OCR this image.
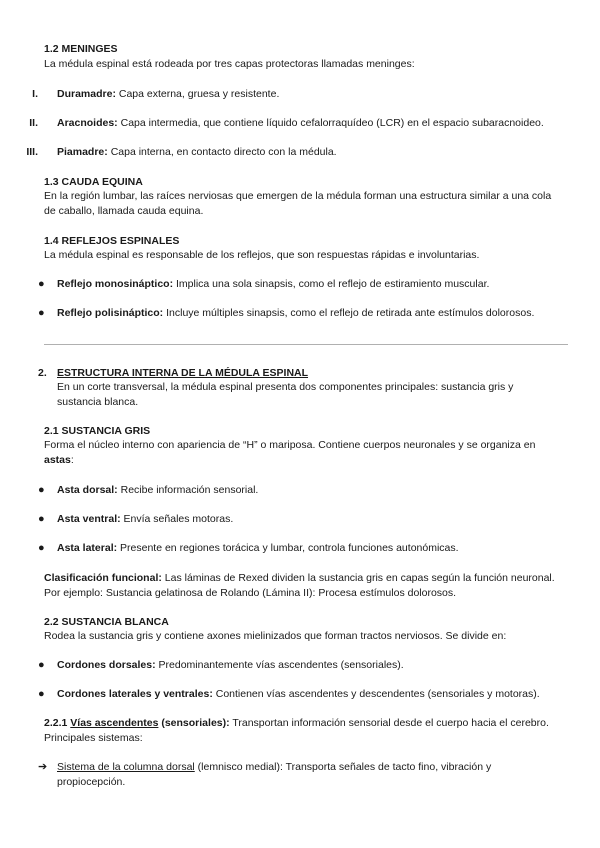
1.2 MENINGES
La médula espinal está rodeada por tres capas protectoras llamadas meninges:
I. Duramadre: Capa externa, gruesa y resistente.
II. Aracnoides: Capa intermedia, que contiene líquido cefalorraquídeo (LCR) en el espacio subaracnoideo.
III. Piamadre: Capa interna, en contacto directo con la médula.
1.3 CAUDA EQUINA
En la región lumbar, las raíces nerviosas que emergen de la médula forman una estructura similar a una cola de caballo, llamada cauda equina.
1.4 REFLEJOS ESPINALES
La médula espinal es responsable de los reflejos, que son respuestas rápidas e involuntarias.
● Reflejo monosináptico: Implica una sola sinapsis, como el reflejo de estiramiento muscular.
● Reflejo polisináptico: Incluye múltiples sinapsis, como el reflejo de retirada ante estímulos dolorosos.
2. ESTRUCTURA INTERNA DE LA MÉDULA ESPINAL
En un corte transversal, la médula espinal presenta dos componentes principales: sustancia gris y sustancia blanca.
2.1 SUSTANCIA GRIS
Forma el núcleo interno con apariencia de “H” o mariposa. Contiene cuerpos neuronales y se organiza en astas:
● Asta dorsal: Recibe información sensorial.
● Asta ventral: Envía señales motoras.
● Asta lateral: Presente en regiones torácica y lumbar, controla funciones autonómicas.
Clasificación funcional: Las láminas de Rexed dividen la sustancia gris en capas según la función neuronal. Por ejemplo: Sustancia gelatinosa de Rolando (Lámina II): Procesa estímulos dolorosos.
2.2 SUSTANCIA BLANCA
Rodea la sustancia gris y contiene axones mielinizados que forman tractos nerviosos. Se divide en:
● Cordones dorsales: Predominantemente vías ascendentes (sensoriales).
● Cordones laterales y ventrales: Contienen vías ascendentes y descendentes (sensoriales y motoras).
2.2.1 Vías ascendentes (sensoriales): Transportan información sensorial desde el cuerpo hacia el cerebro. Principales sistemas:
➔ Sistema de la columna dorsal (lemnisco medial): Transporta señales de tacto fino, vibración y propiocepción.
